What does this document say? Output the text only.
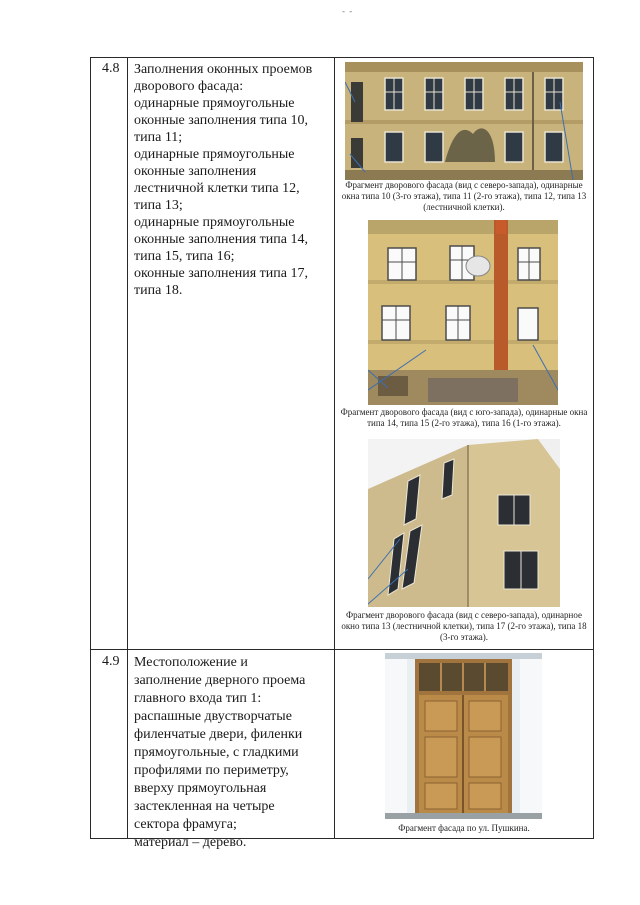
- -
4.8 Заполнения оконных проемов
дворового фасада:
одинарные прямоугольные
оконные заполнения типа 10,
типа 11;
одинарные прямоугольные
оконные заполнения
лестничной клетки типа 12,
типа 13;
одинарные прямоугольные
оконные заполнения типа 14,
типа 15, типа 16;
оконные заполнения типа 17,
типа 18.
Фрагмент дворового фасада (вид с северо-запада), одинарные окна типа 10 (3-го этажа), типа 11 (2-го этажа), типа 12, типа 13 (лестничной клетки).
Фрагмент дворового фасада (вид с юго-запада), одинарные окна типа 14, типа 15 (2-го этажа), типа 16 (1-го этажа).
Фрагмент дворового фасада (вид с северо-запада), одинарное окно типа 13 (лестничной клетки), типа 17 (2-го этажа), типа 18 (3-го этажа).
4.9 Местоположение и
заполнение дверного проема
главного входа тип 1:
распашные двустворчатые
филенчатые двери, филенки
прямоугольные, с гладкими
профилями по периметру,
вверху прямоугольная
застекленная на четыре
сектора фрамуга;
материал – дерево.
Фрагмент фасада по ул. Пушкина.
